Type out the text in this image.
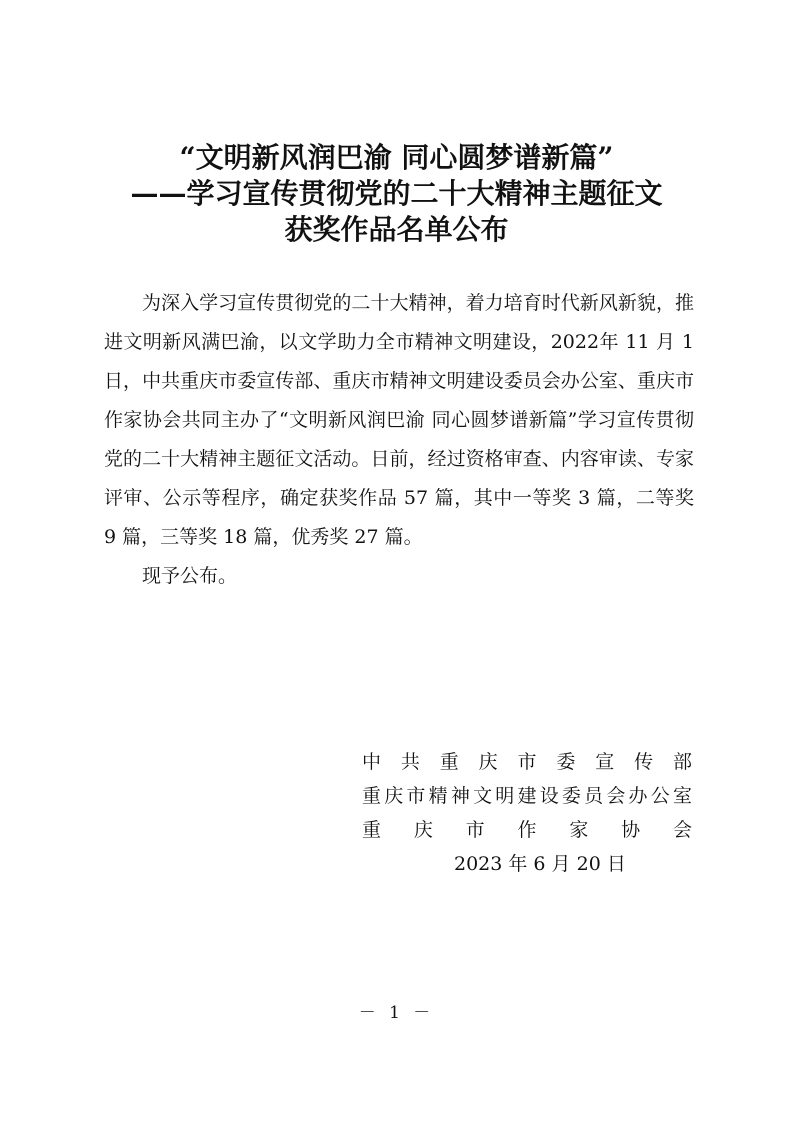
“文明新风润巴渝 同心圆梦谱新篇”
——学习宣传贯彻党的二十大精神主题征文
获奖作品名单公布

为深入学习宣传贯彻党的二十大精神，着力培育时代新风新貌，推进文明新风满巴渝，以文学助力全市精神文明建设，2022年 11 月 1 日，中共重庆市委宣传部、重庆市精神文明建设委员会办公室、重庆市作家协会共同主办了“文明新风润巴渝 同心圆梦谱新篇”学习宣传贯彻党的二十大精神主题征文活动。日前，经过资格审查、内容审读、专家评审、公示等程序，确定获奖作品 57 篇，其中一等奖 3 篇，二等奖 9 篇，三等奖 18 篇，优秀奖 27 篇。

现予公布。

中共重庆市委宣传部
重庆市精神文明建设委员会办公室
重庆市作家协会
2023 年 6 月 20 日
－ 1 －
